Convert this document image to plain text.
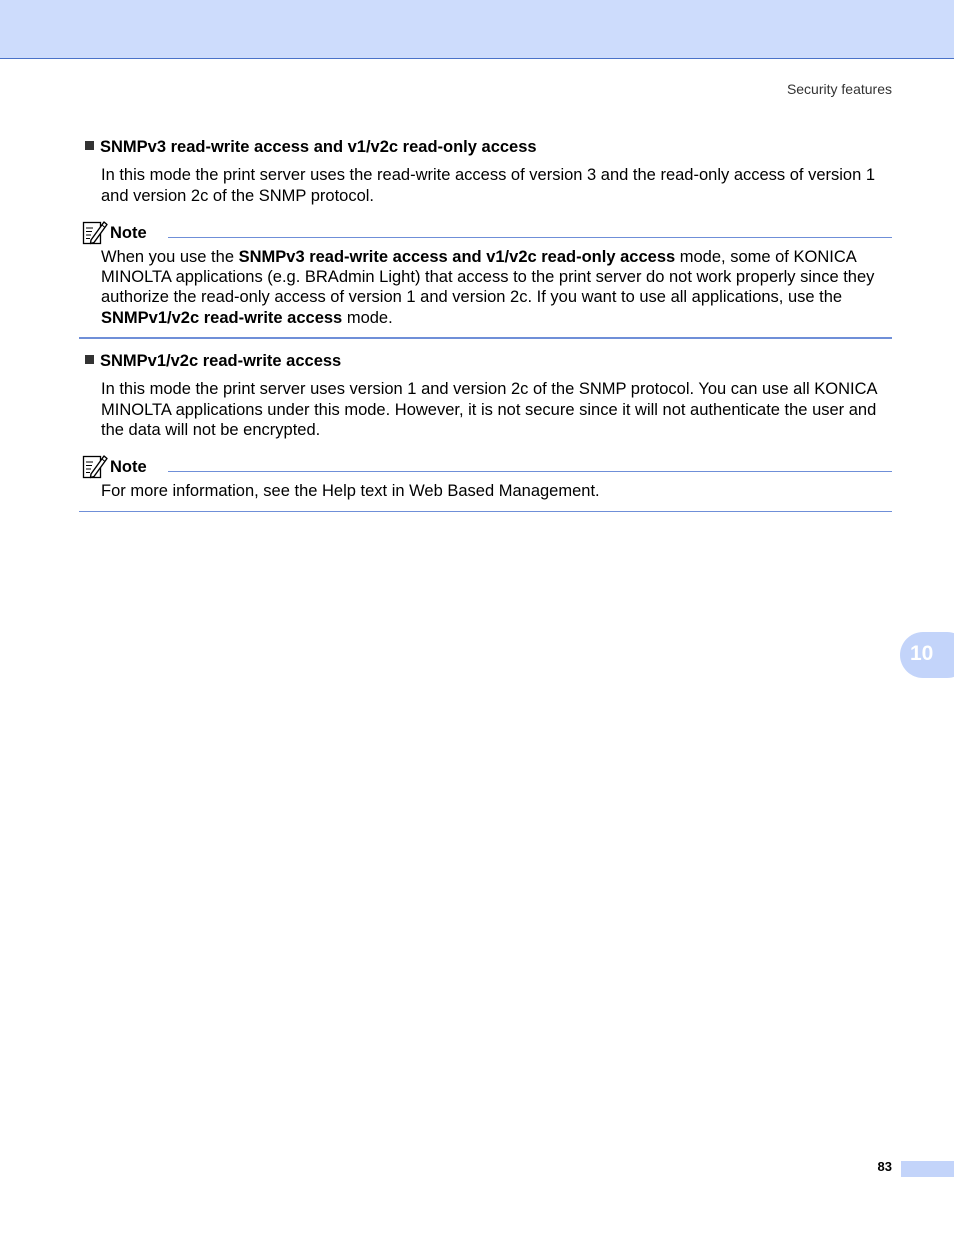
Security features
SNMPv3 read-write access and v1/v2c read-only access
In this mode the print server uses the read-write access of version 3 and the read-only access of version 1 and version 2c of the SNMP protocol.
Note
When you use the SNMPv3 read-write access and v1/v2c read-only access mode, some of KONICA MINOLTA applications (e.g. BRAdmin Light) that access to the print server do not work properly since they authorize the read-only access of version 1 and version 2c. If you want to use all applications, use the SNMPv1/v2c read-write access mode.
SNMPv1/v2c read-write access
In this mode the print server uses version 1 and version 2c of the SNMP protocol. You can use all KONICA MINOLTA applications under this mode. However, it is not secure since it will not authenticate the user and the data will not be encrypted.
Note
For more information, see the Help text in Web Based Management.
10
83
